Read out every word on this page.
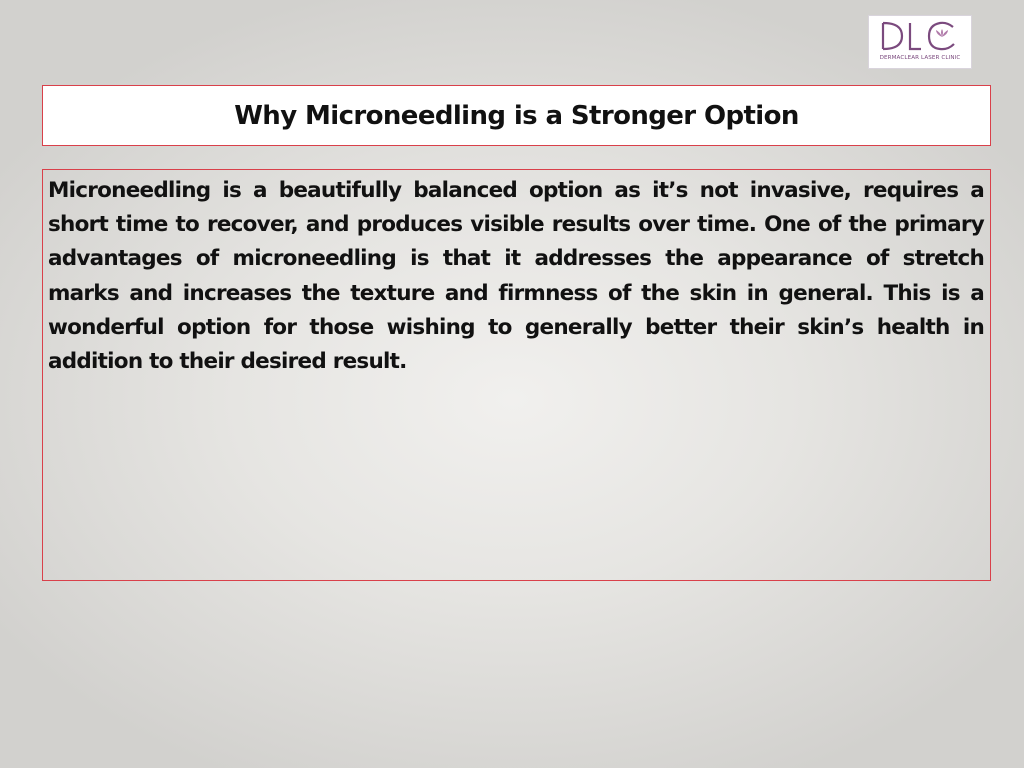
DERMACLEAR LASER CLINIC
Why Microneedling is a Stronger Option

Microneedling is a beautifully balanced option as it’s not invasive, requires a short time to recover, and produces visible results over time. One of the primary advantages of microneedling is that it addresses the appearance of stretch marks and increases the texture and firmness of the skin in general. This is a wonderful option for those wishing to generally better their skin’s health in addition to their desired result.
